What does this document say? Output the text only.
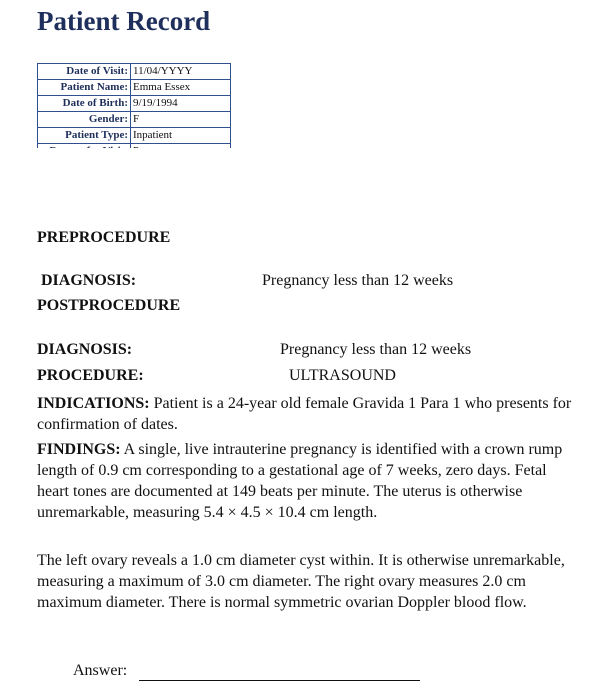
Patient Record
Date of Visit:	11/04/YYYY
Patient Name:	Emma Essex
Date of Birth:	9/19/1994
Gender:	F
Patient Type:	Inpatient

PREPROCEDURE
DIAGNOSIS:	Pregnancy less than 12 weeks
POSTPROCEDURE
DIAGNOSIS:	Pregnancy less than 12 weeks
PROCEDURE:	ULTRASOUND
INDICATIONS: Patient is a 24-year old female Gravida 1 Para 1 who presents for confirmation of dates.
FINDINGS: A single, live intrauterine pregnancy is identified with a crown rump length of 0.9 cm corresponding to a gestational age of 7 weeks, zero days. Fetal heart tones are documented at 149 beats per minute. The uterus is otherwise unremarkable, measuring 5.4 × 4.5 × 10.4 cm length.
The left ovary reveals a 1.0 cm diameter cyst within. It is otherwise unremarkable, measuring a maximum of 3.0 cm diameter. The right ovary measures 2.0 cm maximum diameter. There is normal symmetric ovarian Doppler blood flow.
Answer:
